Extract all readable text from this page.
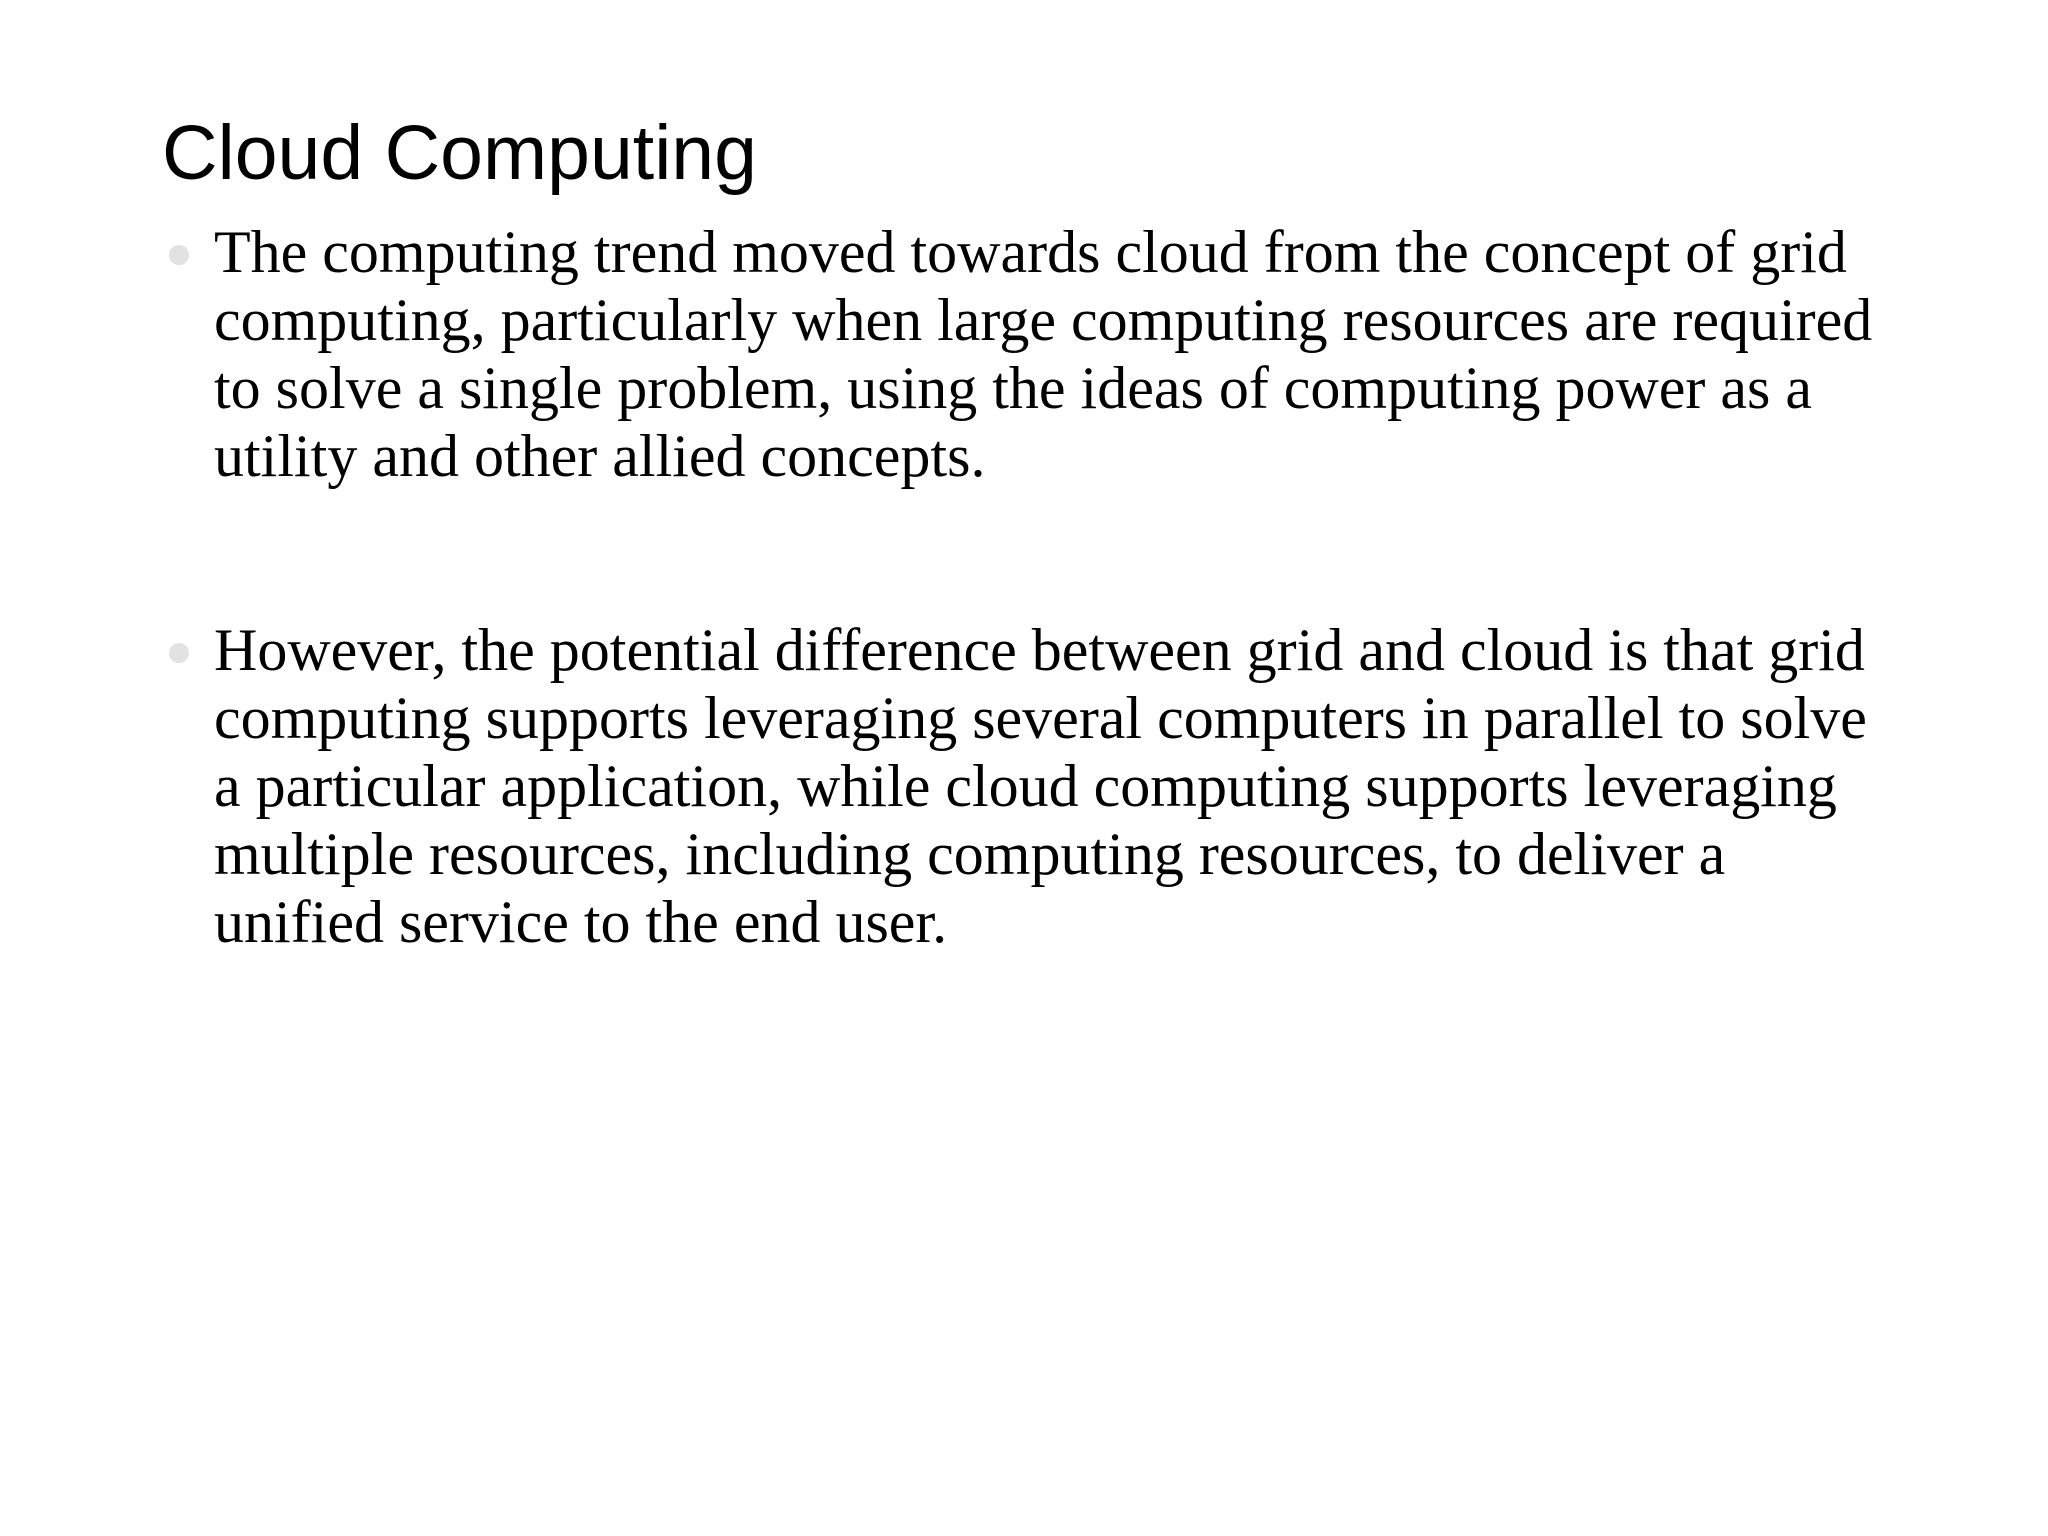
Cloud Computing
The computing trend moved towards cloud from the concept of grid computing, particularly when large computing resources are required to solve a single problem, using the ideas of computing power as a utility and other allied concepts.
However, the potential difference between grid and cloud is that grid computing supports leveraging several computers in parallel to solve a particular application, while cloud computing supports leveraging multiple resources, including computing resources, to deliver a unified service to the end user.
